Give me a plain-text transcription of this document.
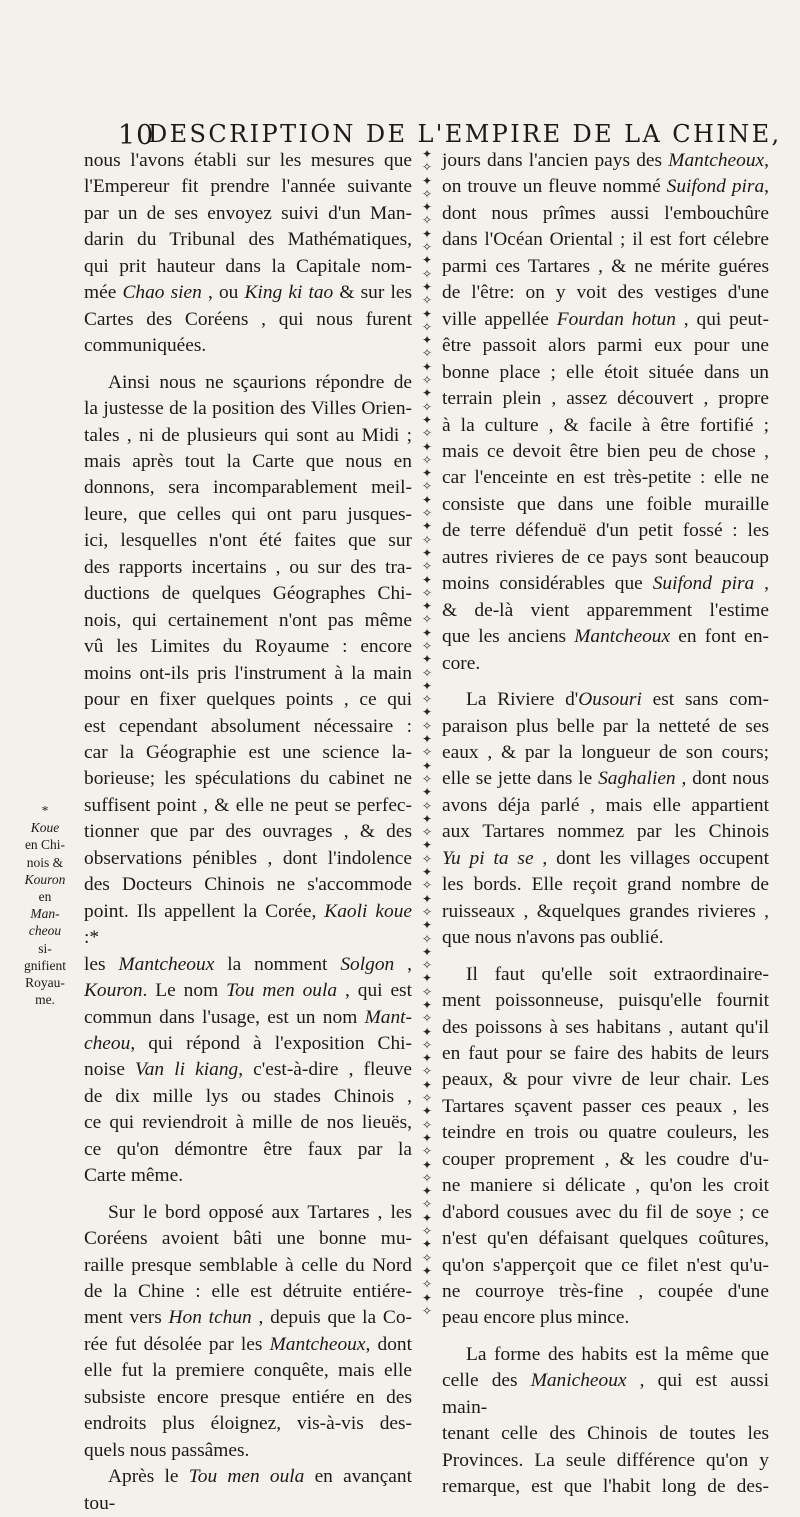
10
DESCRIPTION DE L'EMPIRE DE LA CHINE,

nous l'avons établi sur les mesures que

l'Empereur fit prendre l'année suivante

par un de ses envoyez suivi d'un Man-

darin du Tribunal des Mathématiques,

qui prit hauteur dans la Capitale nom-

mée Chao sien , ou King ki tao & sur les

Cartes des Coréens , qui nous furent

communiquées.

Ainsi nous ne sçaurions répondre de

la justesse de la position des Villes Orien-

tales , ni de plusieurs qui sont au Midi ;

mais après tout la Carte que nous en

donnons, sera incomparablement meil-

leure, que celles qui ont paru jusques-

ici, lesquelles n'ont été faites que sur

des rapports incertains , ou sur des tra-

ductions de quelques Géographes Chi-

nois, qui certainement n'ont pas même

vû les Limites du Royaume : encore

moins ont-ils pris l'instrument à la main

pour en fixer quelques points , ce qui

est cependant absolument nécessaire :

car la Géographie est une science la-

borieuse; les spéculations du cabinet ne

suffisent point , & elle ne peut se perfec-

tionner que par des ouvrages , & des

observations pénibles , dont l'indolence

des Docteurs Chinois ne s'accommode

point. Ils appellent la Corée, Kaoli koue :*

les Mantcheoux la nomment Solgon ,

Kouron. Le nom Tou men oula , qui est

commun dans l'usage, est un nom Mant-

cheou, qui répond à l'exposition Chi-

noise Van li kiang, c'est-à-dire , fleuve

de dix mille lys ou stades Chinois ,

ce qui reviendroit à mille de nos lieuës,

ce qu'on démontre être faux par la

Carte même.

Sur le bord opposé aux Tartares , les

Coréens avoient bâti une bonne mu-

raille presque semblable à celle du Nord

de la Chine : elle est détruite entiére-

ment vers Hon tchun , depuis que la Co-

rée fut désolée par les Mantcheoux, dont

elle fut la premiere conquête, mais elle

subsiste encore presque entiére en des

endroits plus éloignez, vis-à-vis des-

quels nous passâmes.

Après le Tou men oula en avançant tou-

✦
✧
✦
✧
✦
✧
✦
✧
✦
✧
✦
✧
✦
✧
✦
✧
✦
✧
✦
✧
✦
✧
✦
✧
✦
✧
✦
✧
✦
✧
✦
✧
✦
✧
✦
✧
✦
✧
✦
✧
✦
✧
✦
✧
✦
✧
✦
✧
✦
✧
✦
✧
✦
✧
✦
✧
✦
✧
✦
✧
✦
✧
✦
✧
✦
✧
✦
✧
✦
✧
✦
✧
✦
✧
✦
✧
✦
✧
✦
✧
✦
✧
✦
✧
✦
✧
✦
✧

jours dans l'ancien pays des Mantcheoux,

on trouve un fleuve nommé Suifond pira,

dont nous prîmes aussi l'embouchûre

dans l'Océan Oriental ; il est fort célebre

parmi ces Tartares , & ne mérite guéres

de l'être: on y voit des vestiges d'une

ville appellée Fourdan hotun , qui peut-

être passoit alors parmi eux pour une

bonne place ; elle étoit située dans un

terrain plein , assez découvert , propre

à la culture , & facile à être fortifié ;

mais ce devoit être bien peu de chose ,

car l'enceinte en est très-petite : elle ne

consiste que dans une foible muraille

de terre défenduë d'un petit fossé : les

autres rivieres de ce pays sont beaucoup

moins considérables que Suifond pira ,

& de-là vient apparemment l'estime

que les anciens Mantcheoux en font en-

core.

La Riviere d'Ousouri est sans com-

paraison plus belle par la netteté de ses

eaux , & par la longueur de son cours;

elle se jette dans le Saghalien , dont nous

avons déja parlé , mais elle appartient

aux Tartares nommez par les Chinois

Yu pi ta se , dont les villages occupent

les bords. Elle reçoit grand nombre de

ruisseaux , &quelques grandes rivieres ,

que nous n'avons pas oublié.

Il faut qu'elle soit extraordinaire-

ment poissonneuse, puisqu'elle fournit

des poissons à ses habitans , autant qu'il

en faut pour se faire des habits de leurs

peaux, & pour vivre de leur chair. Les

Tartares sçavent passer ces peaux , les

teindre en trois ou quatre couleurs, les

couper proprement , & les coudre d'u-

ne maniere si délicate , qu'on les croit

d'abord cousues avec du fil de soye ; ce

n'est qu'en défaisant quelques coûtures,

qu'on s'apperçoit que ce filet n'est qu'u-

ne courroye très-fine , coupée d'une

peau encore plus mince.

La forme des habits est la même que

celle des Manicheoux , qui est aussi main-

tenant celle des Chinois de toutes les

Provinces. La seule différence qu'on y

remarque, est que l'habit long de des-

*
Koue
en Chi-
nois &
Kouron
en
Man-
cheou
si-
gnifient
Royau-
me.
